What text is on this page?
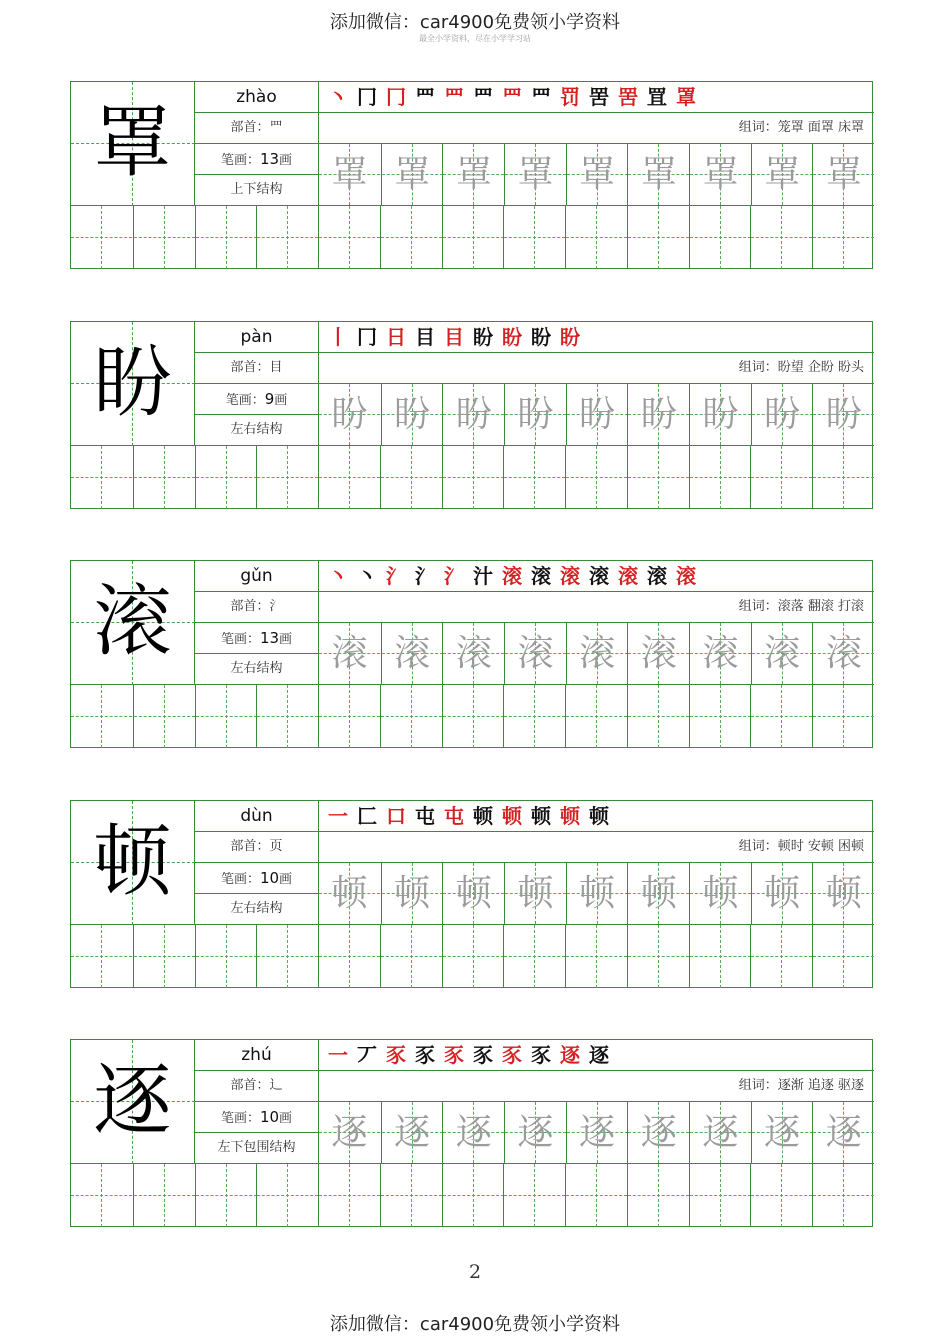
添加微信：car4900免费领小学资料
最全小学资料，尽在小学学习站
罩
zhào
部首：罒
笔画：13画
上下结构
丶 冂 冂 罒 罒 罒 罒 罒 罚 罟 罟 罝 罩
组词：笼罩 面罩 床罩
罩 罩 罩 罩 罩 罩 罩 罩 罩
盼
pàn
部首：目
笔画：9画
左右结构
丨 冂 日 目 目 盼 盼 盼 盼
组词：盼望 企盼 盼头
盼 盼 盼 盼 盼 盼 盼 盼 盼
滚
gǔn
部首：氵
笔画：13画
左右结构
丶 丶 氵 氵 氵 汁 滚 滚 滚 滚 滚 滚 滚
组词：滚落 翻滚 打滚
滚 滚 滚 滚 滚 滚 滚 滚 滚
顿
dùn
部首：页
笔画：10画
左右结构
一 匚 口 屯 屯 顿 顿 顿 顿 顿
组词：顿时 安顿 困顿
顿 顿 顿 顿 顿 顿 顿 顿 顿
逐
zhú
部首：辶
笔画：10画
左下包围结构
一 丆 豕 豕 豕 豕 豕 豕 逐 逐
组词：逐渐 追逐 驱逐
逐 逐 逐 逐 逐 逐 逐 逐 逐
2
添加微信：car4900免费领小学资料
